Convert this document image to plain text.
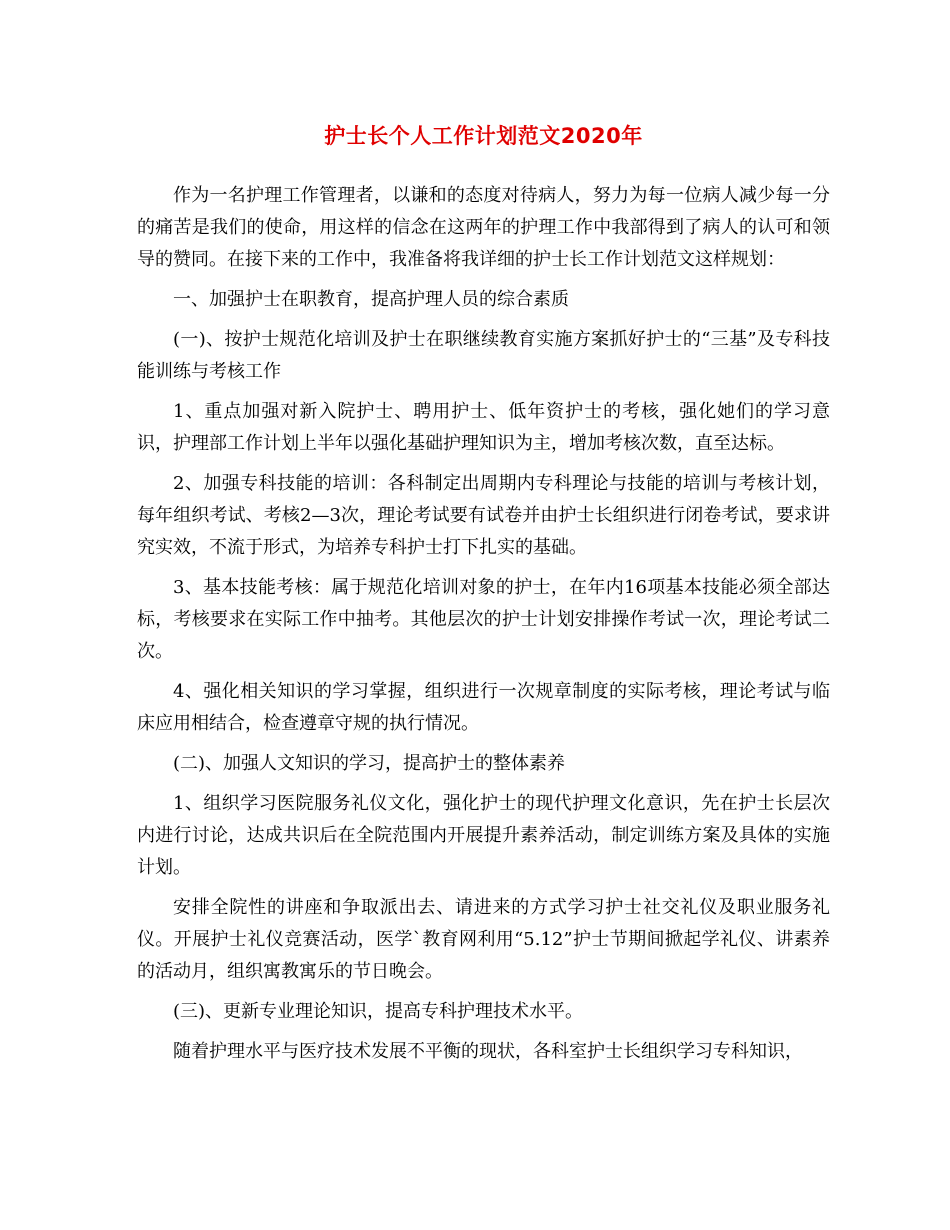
护士长个人工作计划范文2020年

作为一名护理工作管理者，以谦和的态度对待病人，努力为每一位病人减少每一分的痛苦是我们的使命，用这样的信念在这两年的护理工作中我部得到了病人的认可和领导的赞同。在接下来的工作中，我准备将我详细的护士长工作计划范文这样规划：

一、加强护士在职教育，提高护理人员的综合素质

(一)、按护士规范化培训及护士在职继续教育实施方案抓好护士的“三基”及专科技能训练与考核工作

1、重点加强对新入院护士、聘用护士、低年资护士的考核，强化她们的学习意识，护理部工作计划上半年以强化基础护理知识为主，增加考核次数，直至达标。

2、加强专科技能的培训：各科制定出周期内专科理论与技能的培训与考核计划，每年组织考试、考核2—3次，理论考试要有试卷并由护士长组织进行闭卷考试，要求讲究实效，不流于形式，为培养专科护士打下扎实的基础。

3、基本技能考核：属于规范化培训对象的护士，在年内16项基本技能必须全部达标，考核要求在实际工作中抽考。其他层次的护士计划安排操作考试一次，理论考试二次。

4、强化相关知识的学习掌握，组织进行一次规章制度的实际考核，理论考试与临床应用相结合，检查遵章守规的执行情况。

(二)、加强人文知识的学习，提高护士的整体素养

1、组织学习医院服务礼仪文化，强化护士的现代护理文化意识，先在护士长层次内进行讨论，达成共识后在全院范围内开展提升素养活动，制定训练方案及具体的实施计划。

安排全院性的讲座和争取派出去、请进来的方式学习护士社交礼仪及职业服务礼仪。开展护士礼仪竞赛活动，医学`教育网利用“5.12”护士节期间掀起学礼仪、讲素养的活动月，组织寓教寓乐的节日晚会。

(三)、更新专业理论知识，提高专科护理技术水平。

随着护理水平与医疗技术发展不平衡的现状，各科室护士长组织学习专科知识，
